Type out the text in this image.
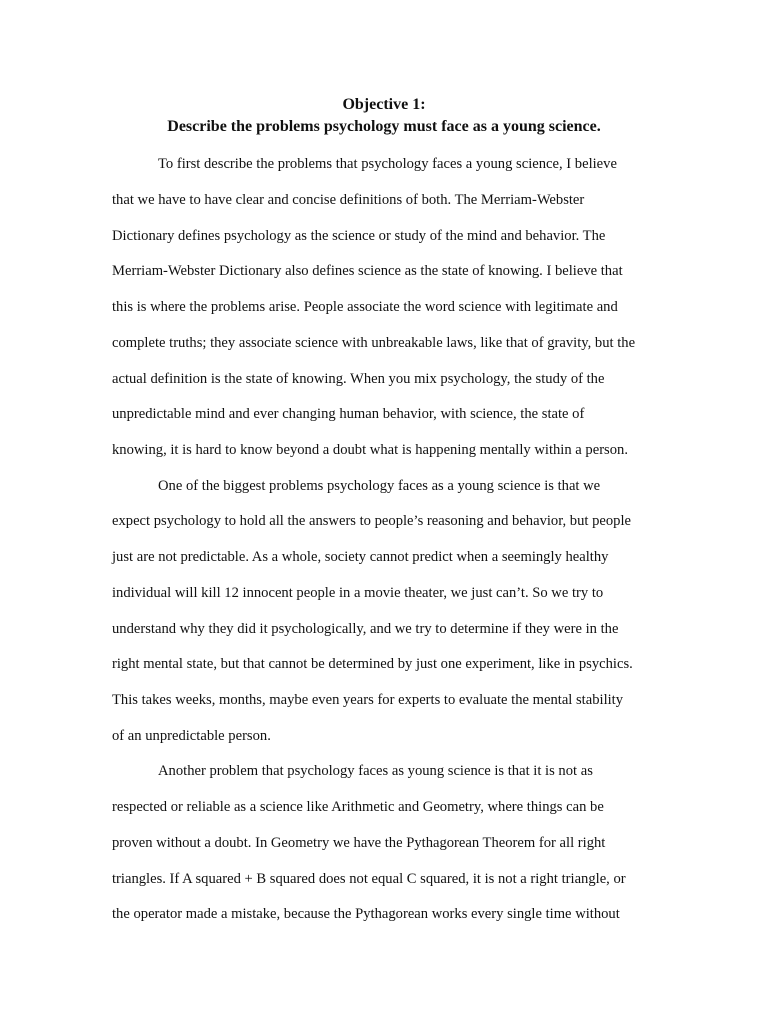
Objective 1:
Describe the problems psychology must face as a young science.
To first describe the problems that psychology faces a young science, I believe
that we have to have clear and concise definitions of both. The Merriam-Webster
Dictionary defines psychology as the science or study of the mind and behavior. The
Merriam-Webster Dictionary also defines science as the state of knowing. I believe that
this is where the problems arise. People associate the word science with legitimate and
complete truths; they associate science with unbreakable laws, like that of gravity, but the
actual definition is the state of knowing. When you mix psychology, the study of the
unpredictable mind and ever changing human behavior, with science, the state of
knowing, it is hard to know beyond a doubt what is happening mentally within a person.
One of the biggest problems psychology faces as a young science is that we
expect psychology to hold all the answers to people’s reasoning and behavior, but people
just are not predictable. As a whole, society cannot predict when a seemingly healthy
individual will kill 12 innocent people in a movie theater, we just can’t. So we try to
understand why they did it psychologically, and we try to determine if they were in the
right mental state, but that cannot be determined by just one experiment, like in psychics.
This takes weeks, months, maybe even years for experts to evaluate the mental stability
of an unpredictable person.
Another problem that psychology faces as young science is that it is not as
respected or reliable as a science like Arithmetic and Geometry, where things can be
proven without a doubt. In Geometry we have the Pythagorean Theorem for all right
triangles. If A squared + B squared does not equal C squared, it is not a right triangle, or
the operator made a mistake, because the Pythagorean works every single time without
